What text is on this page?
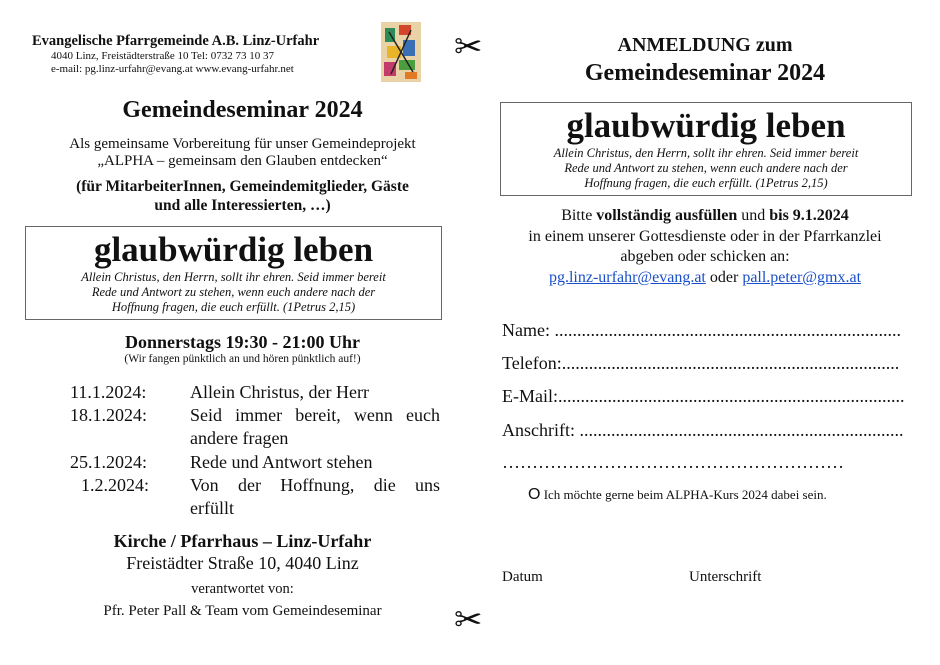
Evangelische Pfarrgemeinde A.B. Linz-Urfahr
4040 Linz, Freistädterstraße 10 Tel: 0732 73 10 37
e-mail: pg.linz-urfahr@evang.at www.evang-urfahr.net
Gemeindeseminar 2024
Als gemeinsame Vorbereitung für unser Gemeindeprojekt
„ALPHA – gemeinsam den Glauben entdecken“
(für MitarbeiterInnen, Gemeindemitglieder, Gäste
und alle Interessierten, …)
glaubwürdig leben
Allein Christus, den Herrn, sollt ihr ehren. Seid immer bereit
Rede und Antwort zu stehen, wenn euch andere nach der
Hoffnung fragen, die euch erfüllt. (1Petrus 2,15)
Donnerstags 19:30 - 21:00 Uhr
(Wir fangen pünktlich an und hören pünktlich auf!)
11.1.2024: Allein Christus, der Herr
18.1.2024: Seid immer bereit, wenn euch
andere fragen
25.1.2024: Rede und Antwort stehen
1.2.2024: Von der Hoffnung, die uns
erfüllt
Kirche / Pfarrhaus – Linz-Urfahr
Freistädter Straße 10, 4040 Linz
verantwortet von:
Pfr. Peter Pall & Team vom Gemeindeseminar
✂
✂
ANMELDUNG zum
Gemeindeseminar 2024
glaubwürdig leben
Allein Christus, den Herrn, sollt ihr ehren. Seid immer bereit
Rede und Antwort zu stehen, wenn euch andere nach der
Hoffnung fragen, die euch erfüllt. (1Petrus 2,15)
Bitte vollständig ausfüllen und bis 9.1.2024
in einem unserer Gottesdienste oder in der Pfarrkanzlei
abgeben oder schicken an:
pg.linz-urfahr@evang.at oder pall.peter@gmx.at
Name: .............................................................................
Telefon:...........................................................................
E-Mail:.............................................................................
Anschrift: ........................................................................
…………………………………………………
O Ich möchte gerne beim ALPHA-Kurs 2024 dabei sein.
Datum	Unterschrift
